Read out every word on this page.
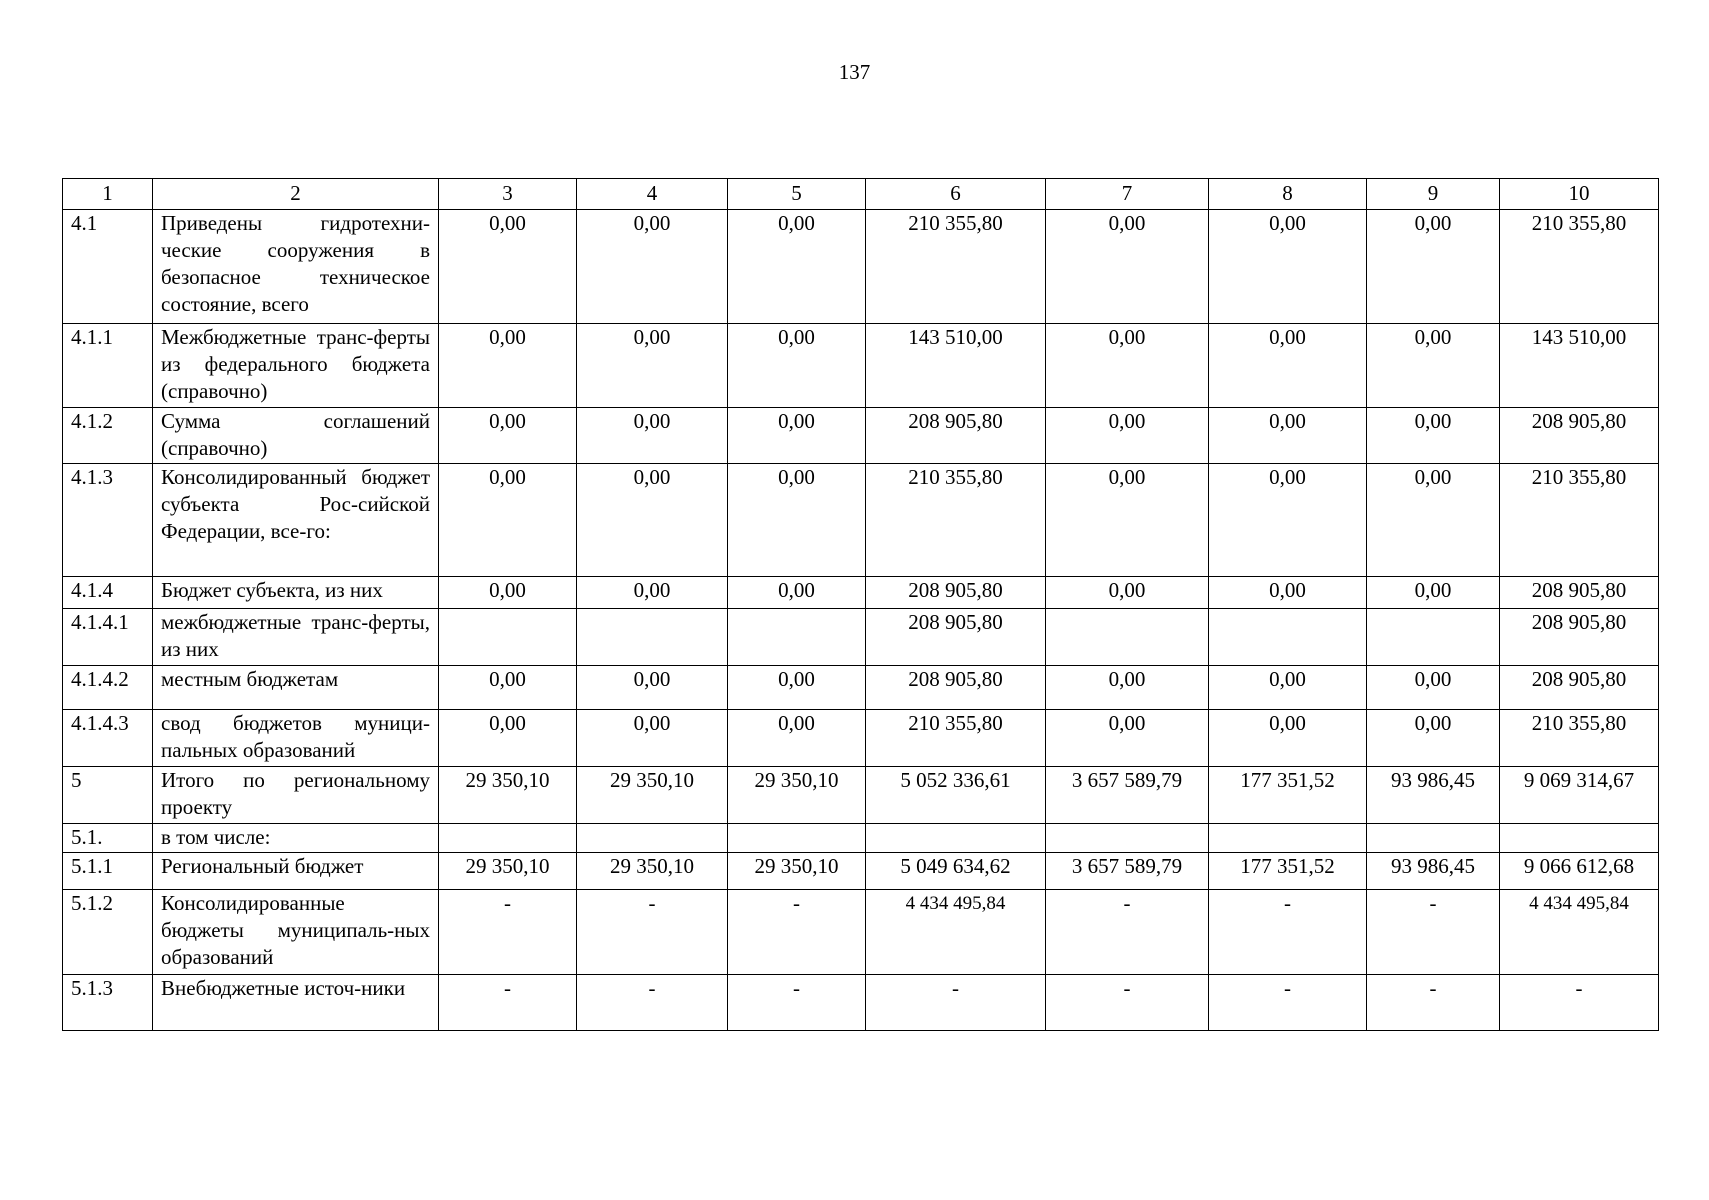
137
1	2	3	4	5	6	7	8	9	10
4.1	Приведены гидротехни-ческие сооружения в безопасное техническое состояние, всего	0,00	0,00	0,00	210 355,80	0,00	0,00	0,00	210 355,80
4.1.1	Межбюджетные транс-ферты из федерального бюджета (справочно)	0,00	0,00	0,00	143 510,00	0,00	0,00	0,00	143 510,00
4.1.2	Сумма соглашений (справочно)	0,00	0,00	0,00	208 905,80	0,00	0,00	0,00	208 905,80
4.1.3	Консолидированный бюджет субъекта Рос-сийской Федерации, все-го:	0,00	0,00	0,00	210 355,80	0,00	0,00	0,00	210 355,80
4.1.4	Бюджет субъекта, из них	0,00	0,00	0,00	208 905,80	0,00	0,00	0,00	208 905,80
4.1.4.1	межбюджетные транс-ферты, из них				208 905,80				208 905,80
4.1.4.2	местным бюджетам	0,00	0,00	0,00	208 905,80	0,00	0,00	0,00	208 905,80
4.1.4.3	свод бюджетов муници-пальных образований	0,00	0,00	0,00	210 355,80	0,00	0,00	0,00	210 355,80
5	Итого по региональному проекту	29 350,10	29 350,10	29 350,10	5 052 336,61	3 657 589,79	177 351,52	93 986,45	9 069 314,67
5.1.	в том числе:								
5.1.1	Региональный бюджет	29 350,10	29 350,10	29 350,10	5 049 634,62	3 657 589,79	177 351,52	93 986,45	9 066 612,68
5.1.2	Консолидированные бюджеты муниципаль-ных образований	-	-	-	4 434 495,84	-	-	-	4 434 495,84
5.1.3	Внебюджетные источ-ники	-	-	-	-	-	-	-	-
